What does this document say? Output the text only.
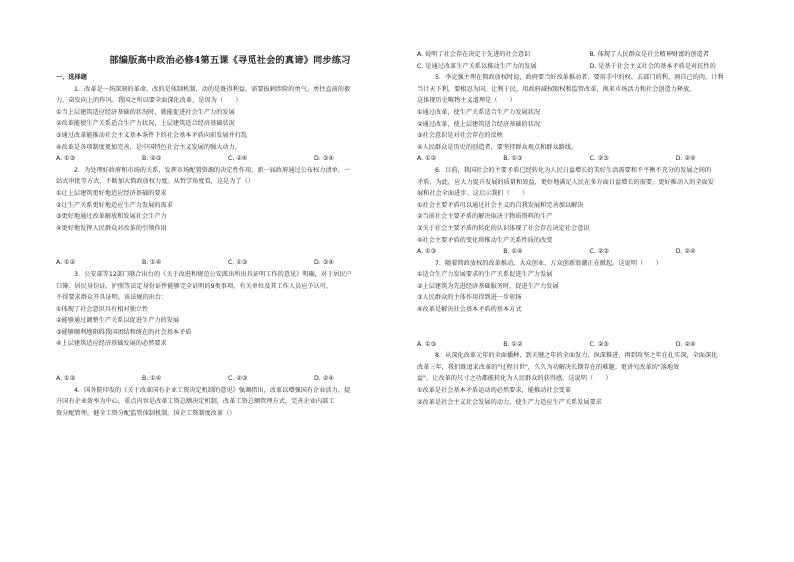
部编版高中政治必修4第五课《寻觅社会的真谛》同步练习
一、选择题
1．改革是一场深刻的革命，改的是体制机制，动的是既得利益，需要拔刺涉险的勇气、勇往直前的毅
力、奋发向上的作风。我国之所以要全面深化改革，是因为（　　）
①当上层建筑适应经济基础的状况时，就能促进社会生产力的发展
②改革能使生产关系适合生产力状况，上层建筑适合经济基础状况
③通过改革能推动社会主义基本条件下的社会基本矛盾向前发展并打乱
④改革是各项制度更加完善，是中国特色社会主义发展的强大动力。
A. ①③	B. ②③	C. ②④	D. ③④
2．为处理好政府和市场的关系，发挥市场配置资源的决定性作用，新一届政府通过公布权力清单、一
站式审批等方式，不断加大简政放权力度。从哲学角度看，这是为了（）
①让上层建筑更好地适应经济基础的要求
②让生产关系更好地适应生产力发展的需求
③更好地通过改革解放和发展社会生产力
④更好地发挥人民群众对改革的引领作用
A. ①②	B. ①④	C. ①③	D. ③④
3．公安部等12部门联合出台的《关于改进和规范公安派出所出具证明工作的意见》明确，对于居民户
口簿、居民身份证、护照等法定身份证件能够完全证明的9类事项，有关单位及其工作人员应予认可，
不得要求群众开具证明。该法规的出台：
①体现了社会意识具有相对独立性
②能够通过调整生产关系以促进生产力的发展
③能够顺利地阻碍我国团结和统在的社会基本矛盾
④上层建筑适应经济基础发展的必然要求
A. ①③	B. ①④	C. ②③	D. ②④
4．国务院印发的《关于改革国有企业工资决定机制的意见》强调指出，改革以增强国有企业活力、提
升国有企业效率为中心，重点内容是改革工资总额决定机制，改革工资总额管理方式，完善企业内部工
资分配管理，健全工资分配监管体制机制。国企工资制度改革（）
A. 说明了社会存在决定于先进的社会意识	B. 体现了人民群众是社会精神财富的创造者
C. 是通过改革生产关系以推动生产力的发展	D. 是基于社会主义社会的基本矛盾是对抗性的
5．李克强主理在简政放权时说，政府要当好改革推动者，要用手中的权、去部门的利、割自己的肉，计利
当计天下利，要相忍为国、让利于民，用政府减权限权和监管改革，换来市场活力和社会创造力释放。
这体现历史唯物主义道理是（　　）
①通过改革，使生产关系适合生产力发展状况
②通过改革，使上层建筑适合经济基础的状况
③社会意识是对社会存在的反映
④人民群众是历史的创造者，要坚持群众观点和群众路线。
A. ①②	B. ①③	C. ②③	D. ②④
6．目前，我国社会的主要矛盾已经转化为人民日益增长的美好生活需要和不平衡不充分的发展之间的
矛盾，为此，应大力提升发展的质量和效益，更好地满足人民在多方面日益增长的需要，更好推动人的全面发
展和社会全面进步。这启示我们（　　）
①社会主要矛盾可以通过社会主义的自我发展和完善加以解决
②当前社会主要矛盾的解决取决于物质资料的生产
③关于社会主要矛盾的转化的认识体现了社会存在决定社会意识
④社会主要矛盾的变化将推动生产关系性质的改变
A. ①③	B. ①④	C. ②③	D. ②④
7．随着简政放权的改革推动，大众创业、万众创新浪潮正在掀起。这说明（　　）
①适合生产力发展要求的生产关系促进生产力发展
②上层建筑为先进经济基础服务时，促进生产力发展
③人民群众的主体作用得到进一步彰扬
④改革是解决社会基本矛盾的基本方式
A. ①③	B. ①②	C. ②③	D. ②④
8．从深化改革元年的全面播种，到关键之年的全面发力、纵深推进，再到攻坚之年在扎实深，全面深化
改革三年，我们既追求改革的"过程目世"，久久为功解决长期存在的难题；更讲究改革的"落地效
益"，让改革的尺寸之功都能转化为人民群众的获得感。这说明（　　）
①改革是社会基本矛盾运动的必然要求，能推动社会变革
②改革是社会主义社会发展的动力，使生产力适应生产关系发展要求
